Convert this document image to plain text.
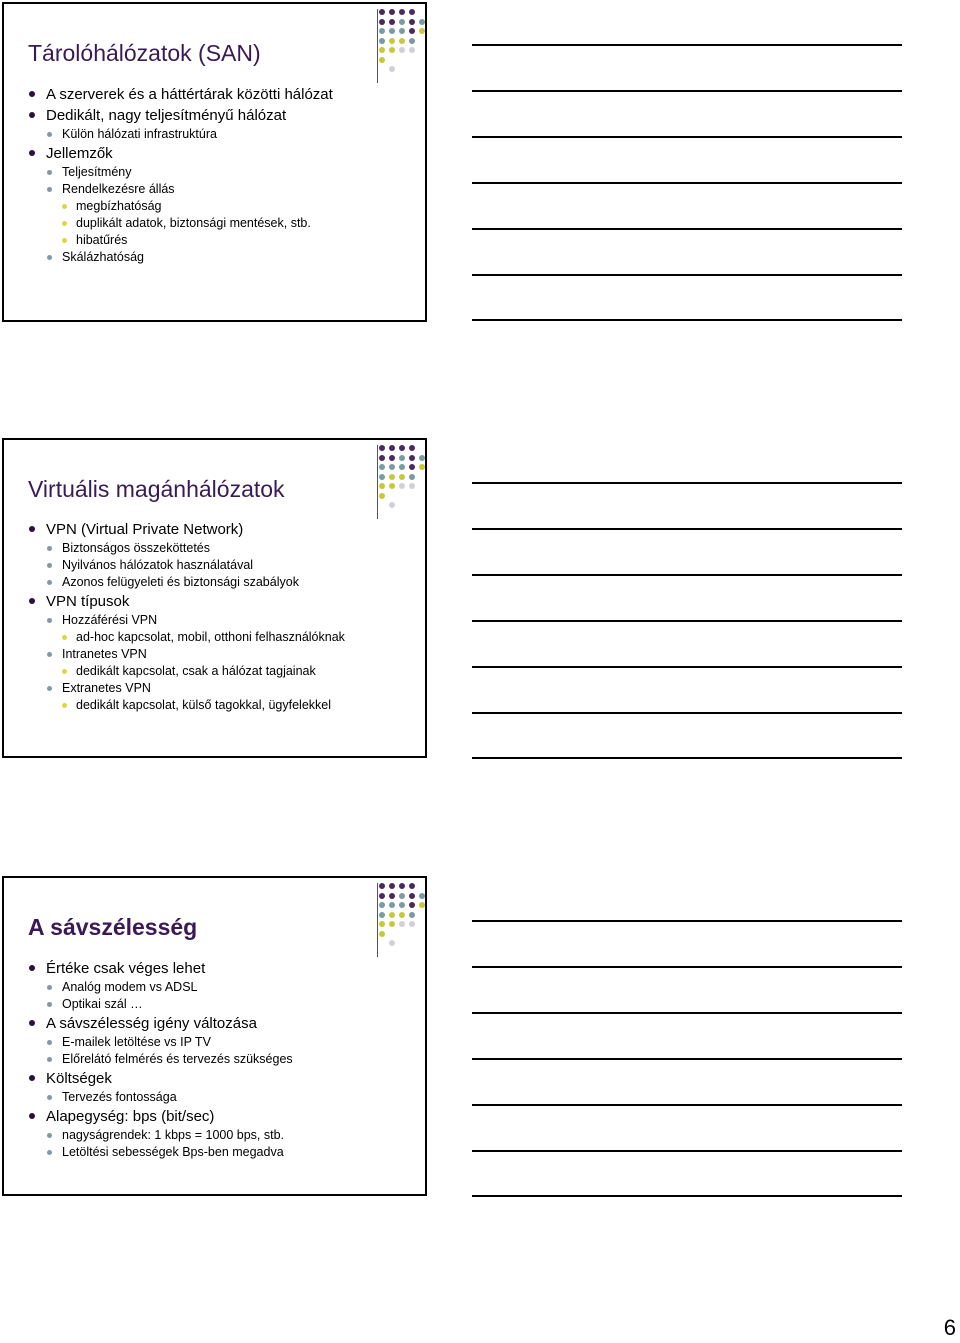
Tárolóhálózatok (SAN)
A szerverek és a háttértárak közötti hálózat
Dedikált, nagy teljesítményű hálózat
Külön hálózati infrastruktúra
Jellemzők
Teljesítmény
Rendelkezésre állás
megbízhatóság
duplikált adatok, biztonsági mentések, stb.
hibatűrés
Skálázhatóság
Virtuális magánhálózatok
VPN (Virtual Private Network)
Biztonságos összeköttetés
Nyilvános hálózatok használatával
Azonos felügyeleti és biztonsági szabályok
VPN típusok
Hozzáférési VPN
ad-hoc kapcsolat, mobil, otthoni felhasználóknak
Intranetes VPN
dedikált kapcsolat, csak a hálózat tagjainak
Extranetes VPN
dedikált kapcsolat, külső tagokkal, ügyfelekkel
A sávszélesség
Értéke csak véges lehet
Analóg modem vs ADSL
Optikai szál …
A sávszélesség igény változása
E-mailek letöltése vs IP TV
Előrelátó felmérés és tervezés szükséges
Költségek
Tervezés fontossága
Alapegység: bps (bit/sec)
nagyságrendek: 1 kbps = 1000 bps, stb.
Letöltési sebességek Bps-ben megadva
6
